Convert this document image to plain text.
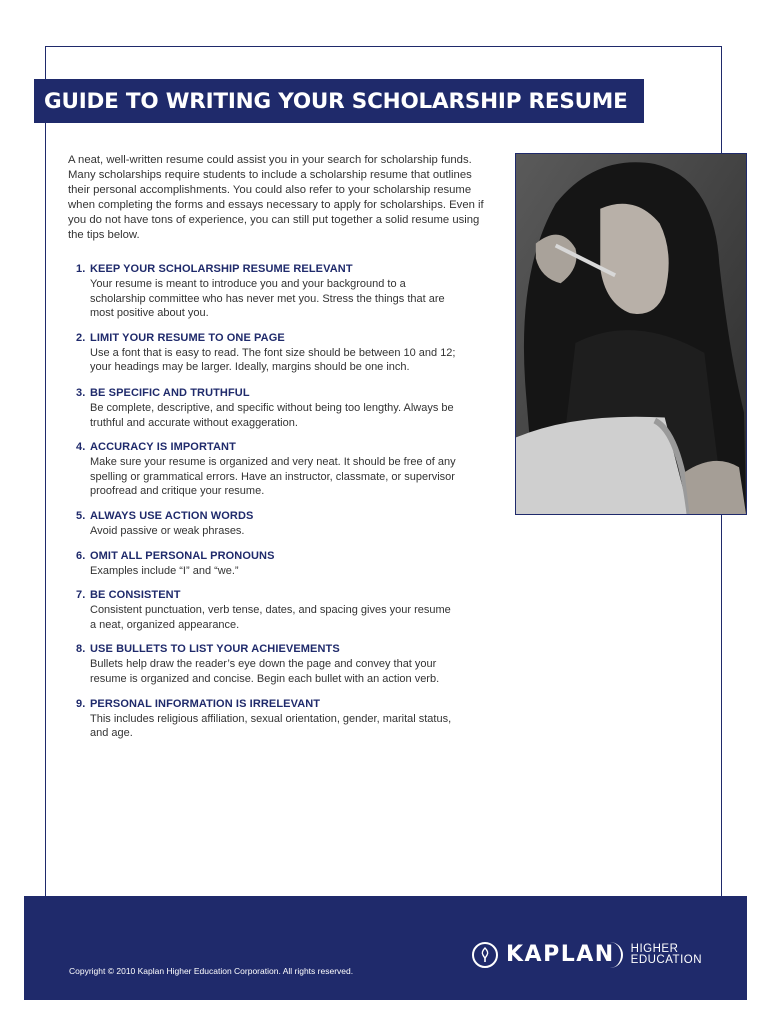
GUIDE TO WRITING YOUR SCHOLARSHIP RESUME

A neat, well-written resume could assist you in your search for scholarship funds. Many scholarships require students to include a scholarship resume that outlines their personal accomplishments. You could also refer to your scholarship resume when completing the forms and essays necessary to apply for scholarships. Even if you do not have tons of experience, you can still put together a solid resume using the tips below.

1. KEEP YOUR SCHOLARSHIP RESUME RELEVANT
Your resume is meant to introduce you and your background to a scholarship committee who has never met you. Stress the things that are most positive about you.
2. LIMIT YOUR RESUME TO ONE PAGE
Use a font that is easy to read. The font size should be between 10 and 12; your headings may be larger. Ideally, margins should be one inch.
3. BE SPECIFIC AND TRUTHFUL
Be complete, descriptive, and specific without being too lengthy. Always be truthful and accurate without exaggeration.
4. ACCURACY IS IMPORTANT
Make sure your resume is organized and very neat. It should be free of any spelling or grammatical errors. Have an instructor, classmate, or supervisor proofread and critique your resume.
5. ALWAYS USE ACTION WORDS
Avoid passive or weak phrases.
6. OMIT ALL PERSONAL PRONOUNS
Examples include “I” and “we.”
7. BE CONSISTENT
Consistent punctuation, verb tense, dates, and spacing gives your resume a neat, organized appearance.
8. USE BULLETS TO LIST YOUR ACHIEVEMENTS
Bullets help draw the reader’s eye down the page and convey that your resume is organized and concise. Begin each bullet with an action verb.
9. PERSONAL INFORMATION IS IRRELEVANT
This includes religious affiliation, sexual orientation, gender, marital status, and age.
Copyright © 2010 Kaplan Higher Education Corporation. All rights reserved.
KAPLAN	HIGHER
EDUCATION
